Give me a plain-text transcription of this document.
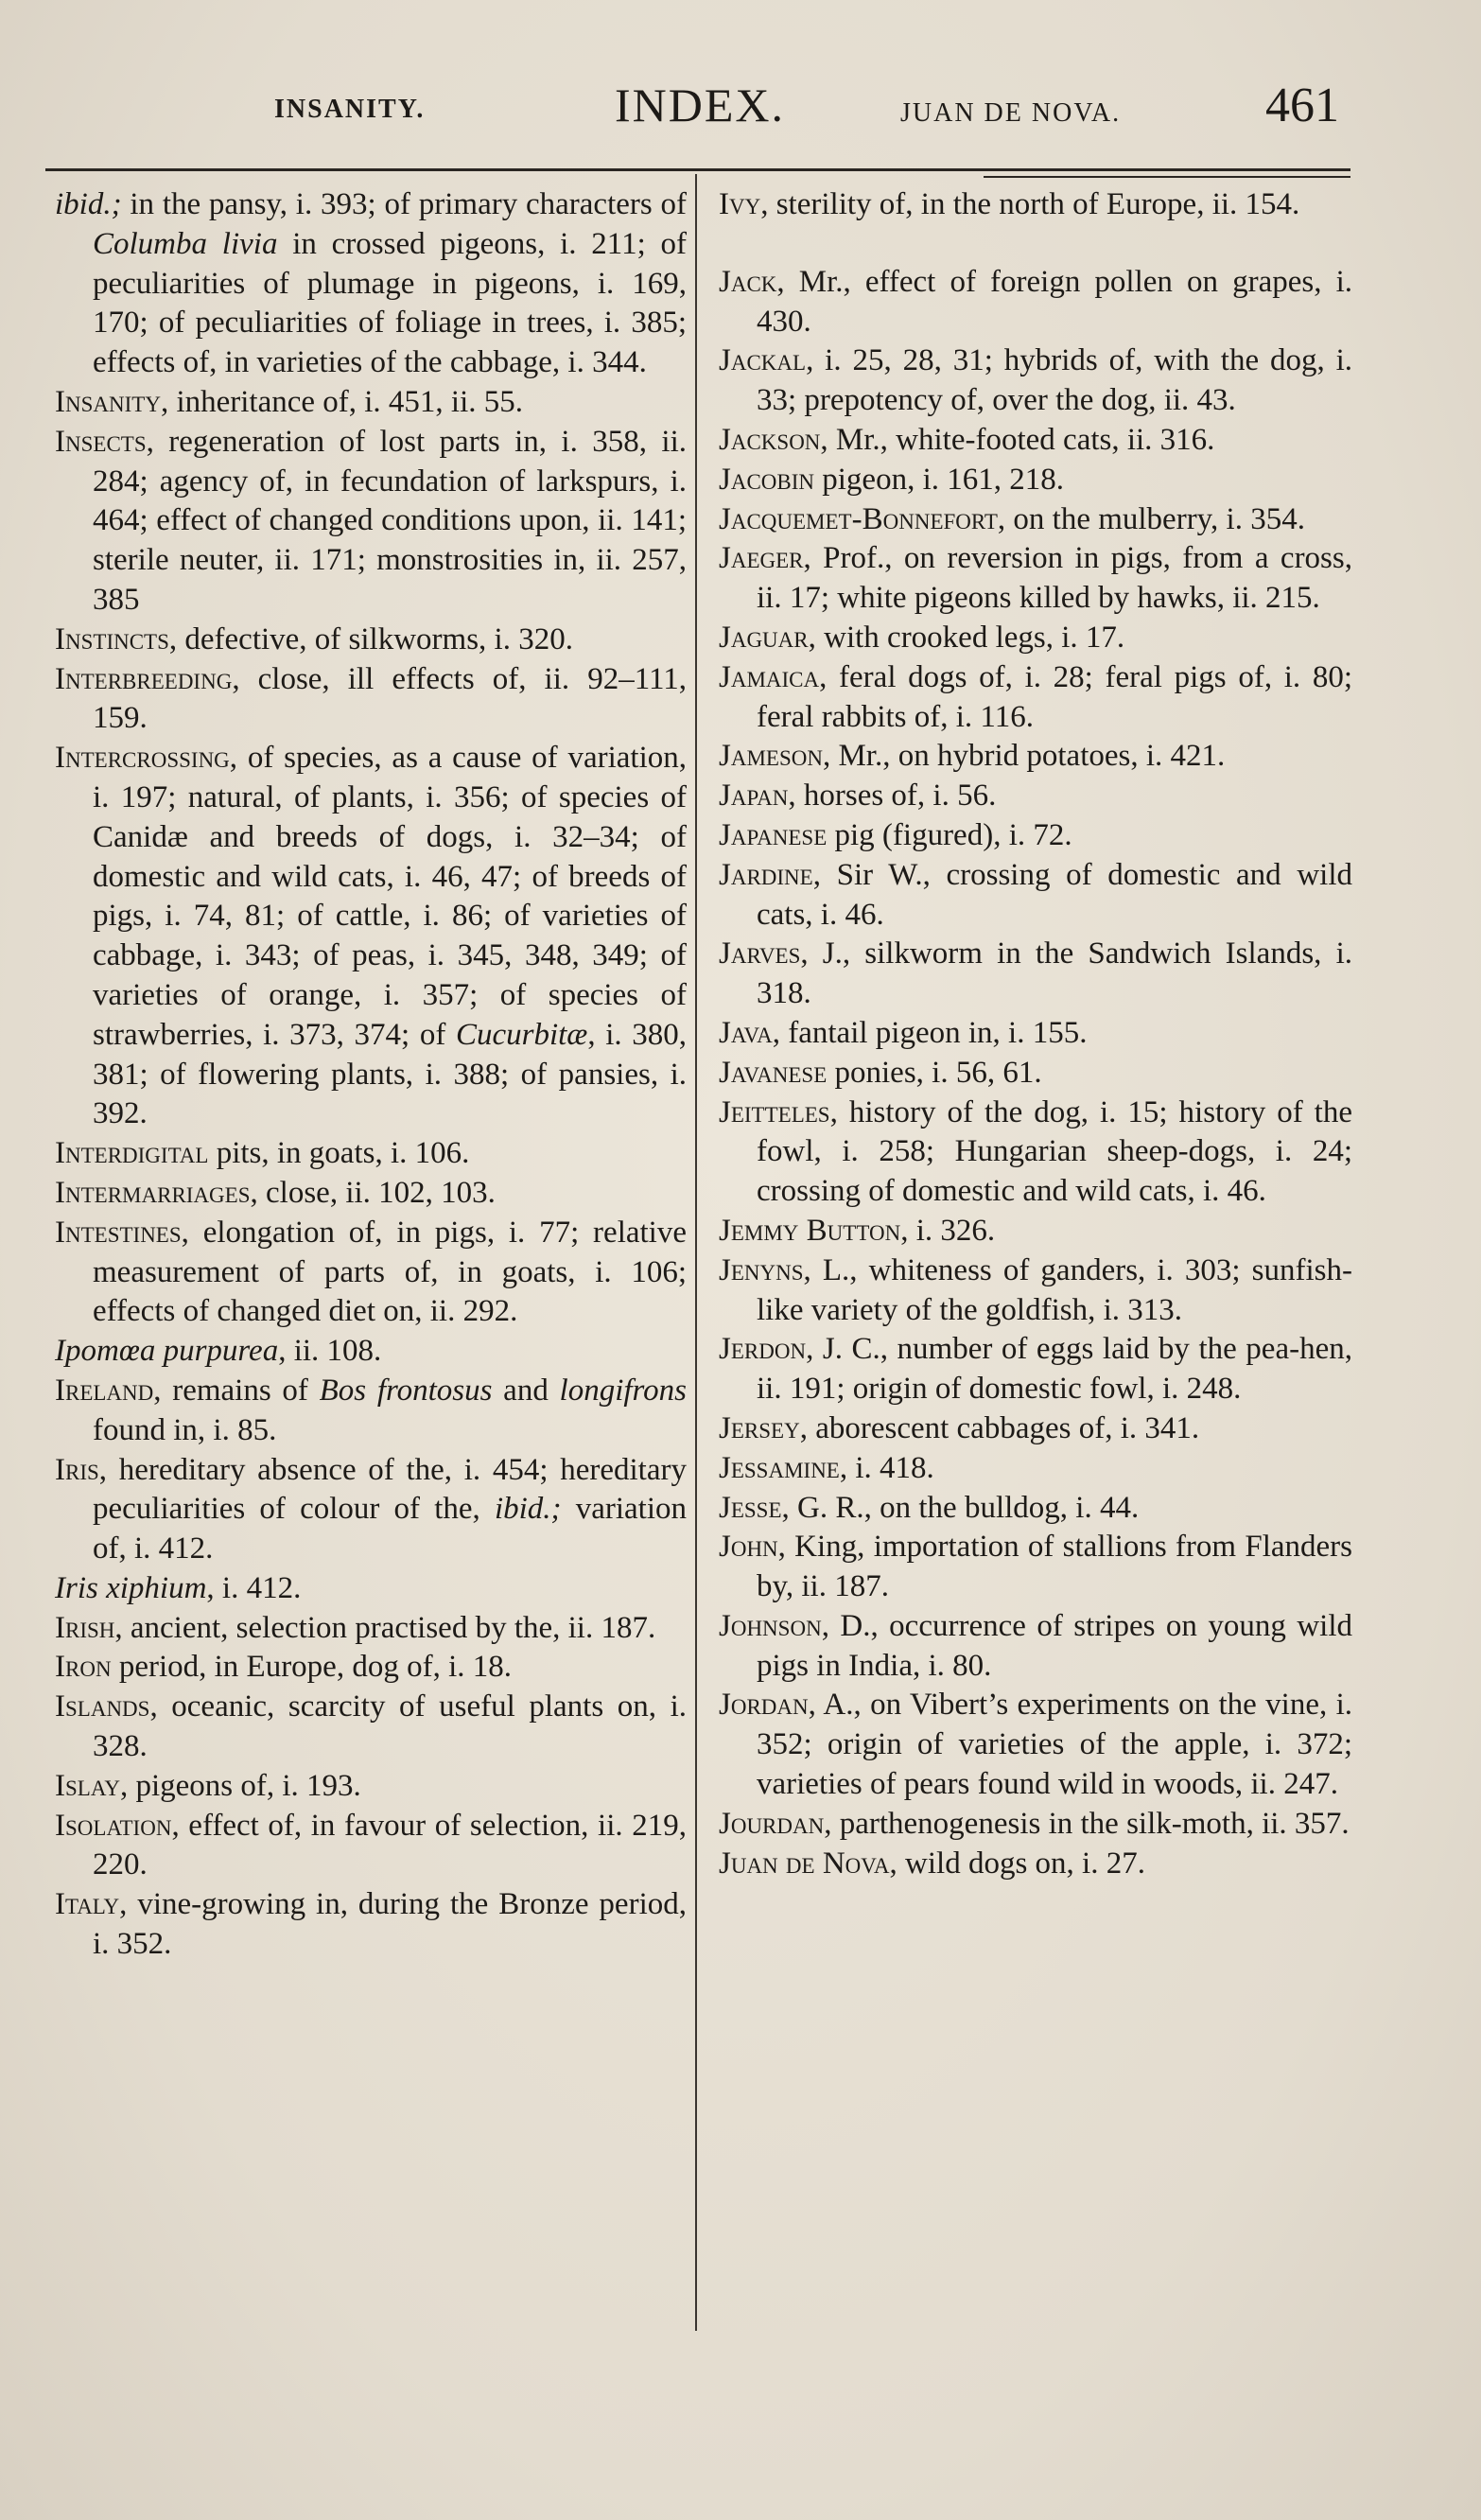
INSANITY.	INDEX.	JUAN DE NOVA.	461
ibid.; in the pansy, i. 393; of primary characters of Columba livia in crossed pigeons, i. 211; of peculiarities of plumage in pigeons, i. 169, 170; of peculiarities of foliage in trees, i. 385; effects of, in varieties of the cabbage, i. 344.
Insanity, inheritance of, i. 451, ii. 55.
Insects, regeneration of lost parts in, i. 358, ii. 284; agency of, in fecundation of larkspurs, i. 464; effect of changed conditions upon, ii. 141; sterile neuter, ii. 171; monstrosities in, ii. 257, 385
Instincts, defective, of silkworms, i. 320.
Interbreeding, close, ill effects of, ii. 92–111, 159.
Intercrossing, of species, as a cause of variation, i. 197; natural, of plants, i. 356; of species of Canidæ and breeds of dogs, i. 32–34; of domestic and wild cats, i. 46, 47; of breeds of pigs, i. 74, 81; of cattle, i. 86; of varieties of cabbage, i. 343; of peas, i. 345, 348, 349; of varieties of orange, i. 357; of species of strawberries, i. 373, 374; of Cucurbitæ, i. 380, 381; of flowering plants, i. 388; of pansies, i. 392.
Interdigital pits, in goats, i. 106.
Intermarriages, close, ii. 102, 103.
Intestines, elongation of, in pigs, i. 77; relative measurement of parts of, in goats, i. 106; effects of changed diet on, ii. 292.
Ipomœa purpurea, ii. 108.
Ireland, remains of Bos frontosus and longifrons found in, i. 85.
Iris, hereditary absence of the, i. 454; hereditary peculiarities of colour of the, ibid.; variation of, i. 412.
Iris xiphium, i. 412.
Irish, ancient, selection practised by the, ii. 187.
Iron period, in Europe, dog of, i. 18.
Islands, oceanic, scarcity of useful plants on, i. 328.
Islay, pigeons of, i. 193.
Isolation, effect of, in favour of selection, ii. 219, 220.
Italy, vine-growing in, during the Bronze period, i. 352.
Ivy, sterility of, in the north of Europe, ii. 154.
Jack, Mr., effect of foreign pollen on grapes, i. 430.
Jackal, i. 25, 28, 31; hybrids of, with the dog, i. 33; prepotency of, over the dog, ii. 43.
Jackson, Mr., white-footed cats, ii. 316.
Jacobin pigeon, i. 161, 218.
Jacquemet-Bonnefort, on the mulberry, i. 354.
Jaeger, Prof., on reversion in pigs, from a cross, ii. 17; white pigeons killed by hawks, ii. 215.
Jaguar, with crooked legs, i. 17.
Jamaica, feral dogs of, i. 28; feral pigs of, i. 80; feral rabbits of, i. 116.
Jameson, Mr., on hybrid potatoes, i. 421.
Japan, horses of, i. 56.
Japanese pig (figured), i. 72.
Jardine, Sir W., crossing of domestic and wild cats, i. 46.
Jarves, J., silkworm in the Sandwich Islands, i. 318.
Java, fantail pigeon in, i. 155.
Javanese ponies, i. 56, 61.
Jeitteles, history of the dog, i. 15; history of the fowl, i. 258; Hungarian sheep-dogs, i. 24; crossing of domestic and wild cats, i. 46.
Jemmy Button, i. 326.
Jenyns, L., whiteness of ganders, i. 303; sunfish-like variety of the goldfish, i. 313.
Jerdon, J. C., number of eggs laid by the pea-hen, ii. 191; origin of domestic fowl, i. 248.
Jersey, aborescent cabbages of, i. 341.
Jessamine, i. 418.
Jesse, G. R., on the bulldog, i. 44.
John, King, importation of stallions from Flanders by, ii. 187.
Johnson, D., occurrence of stripes on young wild pigs in India, i. 80.
Jordan, A., on Vibert’s experiments on the vine, i. 352; origin of varieties of the apple, i. 372; varieties of pears found wild in woods, ii. 247.
Jourdan, parthenogenesis in the silk-moth, ii. 357.
Juan de Nova, wild dogs on, i. 27.
